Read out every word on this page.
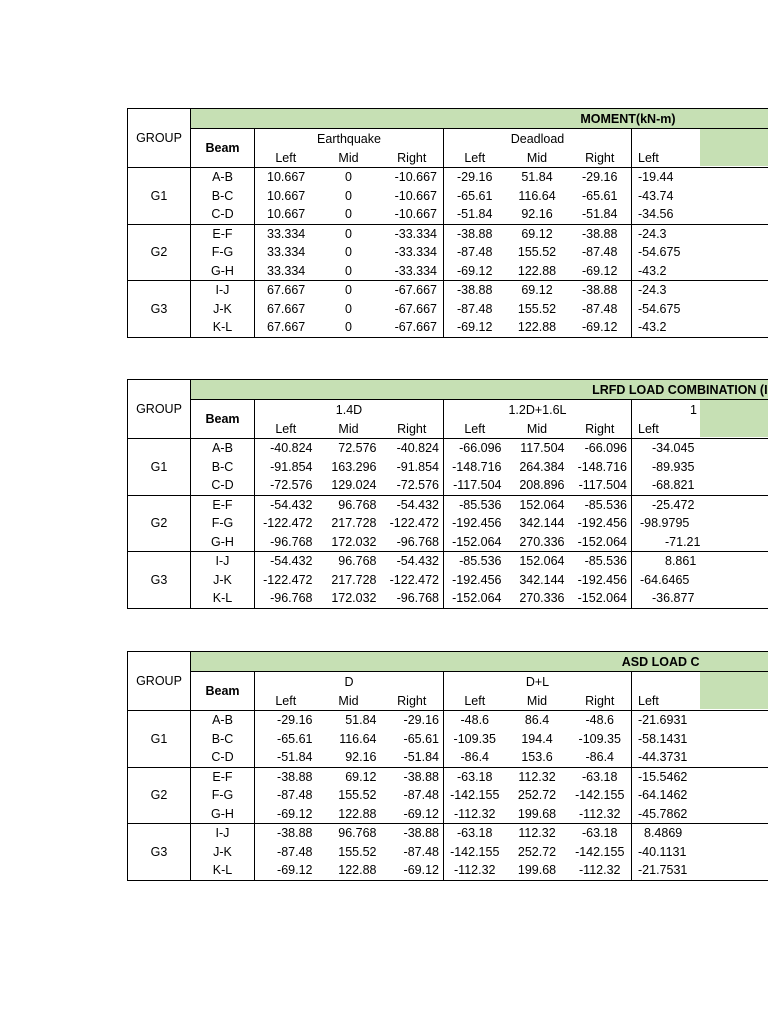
GROUP	MOMENT(kN-m)							
	Beam	Earthquake			Deadload			
		Left	Mid	Right	Left	Mid	Right	Left
G1	A-B	10.667	0	-10.667	-29.16	51.84	-29.16	-19.44
	B-C	10.667	0	-10.667	-65.61	116.64	-65.61	-43.74
	C-D	10.667	0	-10.667	-51.84	92.16	-51.84	-34.56
G2	E-F	33.334	0	-33.334	-38.88	69.12	-38.88	-24.3
	F-G	33.334	0	-33.334	-87.48	155.52	-87.48	-54.675
	G-H	33.334	0	-33.334	-69.12	122.88	-69.12	-43.2
G3	I-J	67.667	0	-67.667	-38.88	69.12	-38.88	-24.3
	J-K	67.667	0	-67.667	-87.48	155.52	-87.48	-54.675
	K-L	67.667	0	-67.667	-69.12	122.88	-69.12	-43.2
GROUP	LRFD LOAD COMBINATION (I							
	Beam	1.4D			1.2D+1.6L			1
		Left	Mid	Right	Left	Mid	Right	Left
G1	A-B	-40.824	72.576	-40.824	-66.096	117.504	-66.096	-34.045
	B-C	-91.854	163.296	-91.854	-148.716	264.384	-148.716	-89.935
	C-D	-72.576	129.024	-72.576	-117.504	208.896	-117.504	-68.821
G2	E-F	-54.432	96.768	-54.432	-85.536	152.064	-85.536	-25.472
	F-G	-122.472	217.728	-122.472	-192.456	342.144	-192.456	-98.9795
	G-H	-96.768	172.032	-96.768	-152.064	270.336	-152.064	-71.21
G3	I-J	-54.432	96.768	-54.432	-85.536	152.064	-85.536	8.861
	J-K	-122.472	217.728	-122.472	-192.456	342.144	-192.456	-64.6465
	K-L	-96.768	172.032	-96.768	-152.064	270.336	-152.064	-36.877
GROUP	ASD LOAD C							
	Beam	D			D+L			
		Left	Mid	Right	Left	Mid	Right	Left
G1	A-B	-29.16	51.84	-29.16	-48.6	86.4	-48.6	-21.6931
	B-C	-65.61	116.64	-65.61	-109.35	194.4	-109.35	-58.1431
	C-D	-51.84	92.16	-51.84	-86.4	153.6	-86.4	-44.3731
G2	E-F	-38.88	69.12	-38.88	-63.18	112.32	-63.18	-15.5462
	F-G	-87.48	155.52	-87.48	-142.155	252.72	-142.155	-64.1462
	G-H	-69.12	122.88	-69.12	-112.32	199.68	-112.32	-45.7862
G3	I-J	-38.88	96.768	-38.88	-63.18	112.32	-63.18	8.4869
	J-K	-87.48	155.52	-87.48	-142.155	252.72	-142.155	-40.1131
	K-L	-69.12	122.88	-69.12	-112.32	199.68	-112.32	-21.7531
